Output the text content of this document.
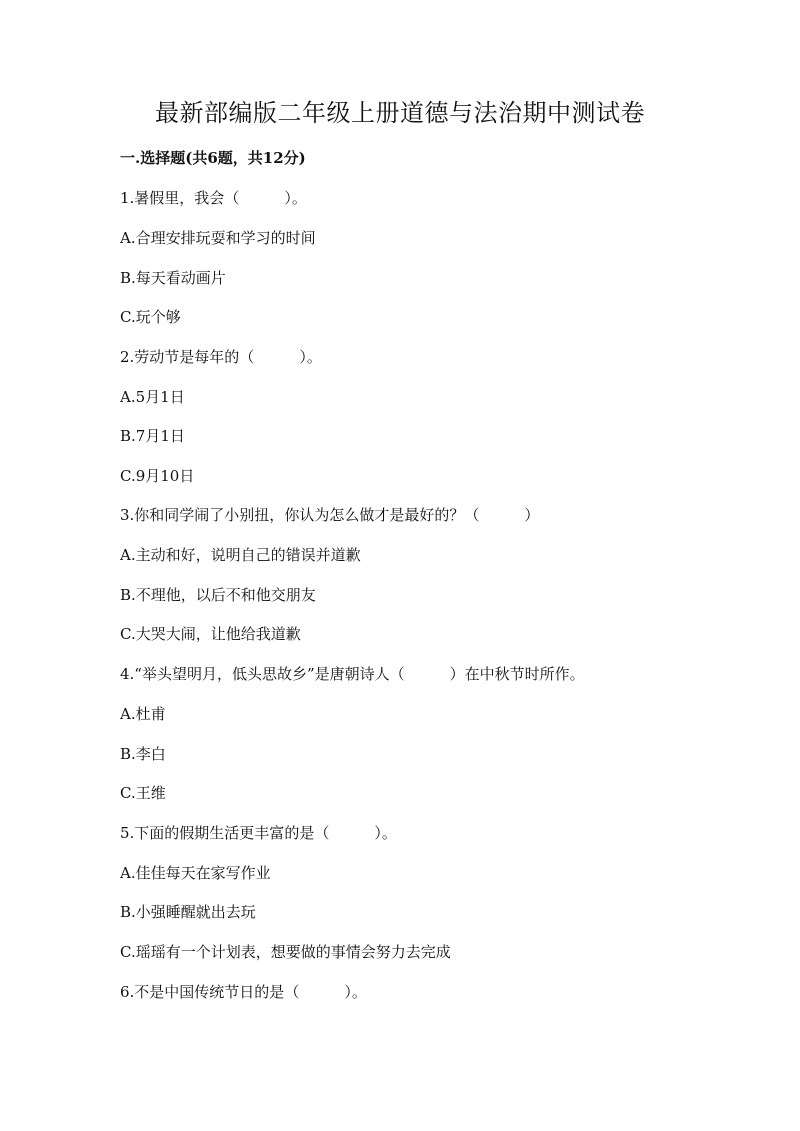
最新部编版二年级上册道德与法治期中测试卷
一.选择题(共6题，共12分)
1.暑假里，我会（　　　）。
A.合理安排玩耍和学习的时间
B.每天看动画片
C.玩个够
2.劳动节是每年的（　　　）。
A.5月1日
B.7月1日
C.9月10日
3.你和同学闹了小别扭，你认为怎么做才是最好的？（　　　）
A.主动和好，说明自己的错误并道歉
B.不理他，以后不和他交朋友
C.大哭大闹，让他给我道歉
4.“举头望明月，低头思故乡”是唐朝诗人（　　　）在中秋节时所作。
A.杜甫
B.李白
C.王维
5.下面的假期生活更丰富的是（　　　）。
A.佳佳每天在家写作业
B.小强睡醒就出去玩
C.瑶瑶有一个计划表，想要做的事情会努力去完成
6.不是中国传统节日的是（　　　）。
